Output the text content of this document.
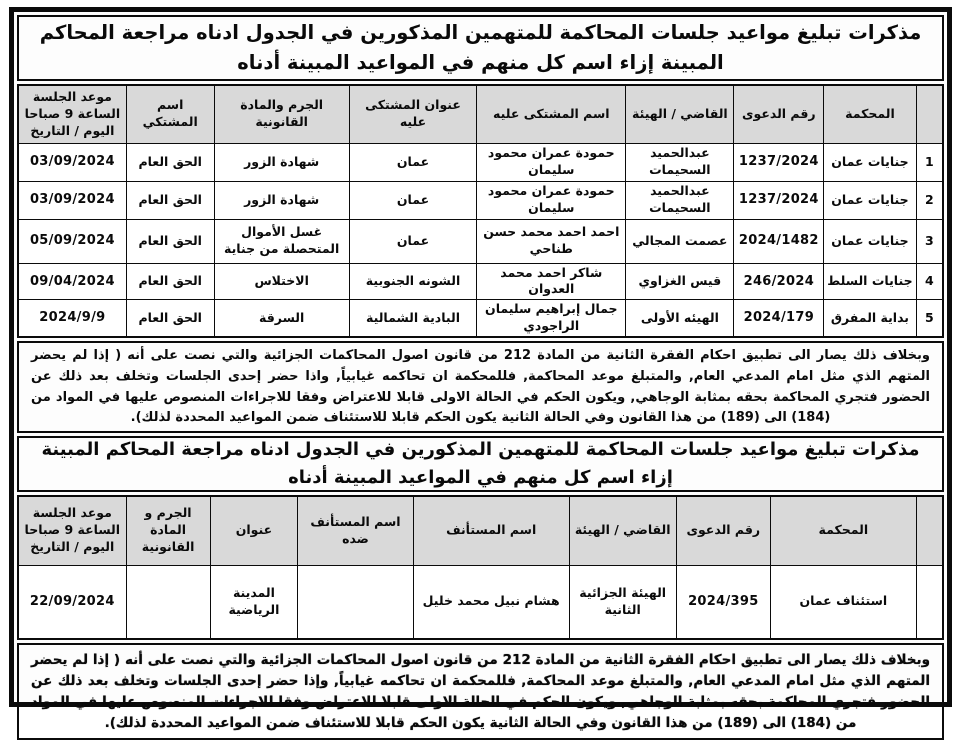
مذكرات تبليغ مواعيد جلسات المحاكمة للمتهمين المذكورين في الجدول ادناه مراجعة المحاكم المبينة إزاء اسم كل منهم في المواعيد المبينة أدناه
	المحكمة	رقم الدعوى	القاضي / الهيئة	اسم المشتكى عليه	عنوان المشتكى عليه	الجرم والمادة القانونية	اسم المشتكي	موعد الجلسة الساعة 9 صباحا اليوم / التاريخ
1	جنايات عمان	1237/2024	عبدالحميد السحيمات	حمودة عمران محمود سليمان	عمان	شهادة الزور	الحق العام	03/09/2024
2	جنايات عمان	1237/2024	عبدالحميد السحيمات	حمودة عمران محمود سليمان	عمان	شهادة الزور	الحق العام	03/09/2024
3	جنايات عمان	2024/1482	عصمت المجالي	احمد احمد محمد حسن طناحي	عمان	غسل الأموال المتحصلة من جناية	الحق العام	05/09/2024
4	جنايات السلط	246/2024	قيس الغزاوي	شاكر احمد محمد العدوان	الشونه الجنوبية	الاختلاس	الحق العام	09/04/2024
5	بداية المفرق	2024/179	الهيئه الأولى	جمال إبراهيم سليمان الراجودي	البادية الشمالية	السرقة	الحق العام	2024/9/9
وبخلاف ذلك يصار الى تطبيق احكام الفقرة الثانية من المادة 212 من قانون اصول المحاكمات الجزائية والتي نصت على أنه ( إذا لم يحضر المتهم الذي مثل امام المدعي العام, والمتبلغ موعد المحاكمة, فللمحكمة ان تحاكمه غيابياً, واذا حضر إحدى الجلسات وتخلف بعد ذلك عن الحضور فتجري المحاكمة بحقه بمثابة الوجاهي, ويكون الحكم في الحالة الاولى قابلا للاعتراض وفقا للاجراءات المنصوص عليها في المواد من (184) الى (189) من هذا القانون وفي الحالة الثانية يكون الحكم قابلا للاستئناف ضمن المواعيد المحددة لذلك).
مذكرات تبليغ مواعيد جلسات المحاكمة للمتهمين المذكورين في الجدول ادناه مراجعة المحاكم المبينة إزاء اسم كل منهم في المواعيد المبينة أدناه
	المحكمة	رقم الدعوى	القاضي / الهيئة	اسم المستأنف	اسم المستأنف ضده	عنوان	الجرم و المادة القانونية	موعد الجلسة الساعة 9 صباحا اليوم / التاريخ
	استئناف عمان	2024/395	الهيئة الجزائية الثانية	هشام نبيل محمد خليل		المدينة الرياضية		22/09/2024
وبخلاف ذلك يصار الى تطبيق احكام الفقرة الثانية من المادة 212 من قانون اصول المحاكمات الجزائية والتي نصت على أنه ( إذا لم يحضر المتهم الذي مثل امام المدعي العام, والمتبلغ موعد المحاكمة, فللمحكمة ان تحاكمه غيابياً, وإذا حضر إحدى الجلسات وتخلف بعد ذلك عن الحضور فتجري المحاكمة بحقه بمثابة الوجاهي, ويكون الحكم في الحالة الاولى قابلا للاعتراض وفقا للاجراءات المنصوص عليها في المواد من (184) الى (189) من هذا القانون وفي الحالة الثانية يكون الحكم قابلا للاستئناف ضمن المواعيد المحددة لذلك).
